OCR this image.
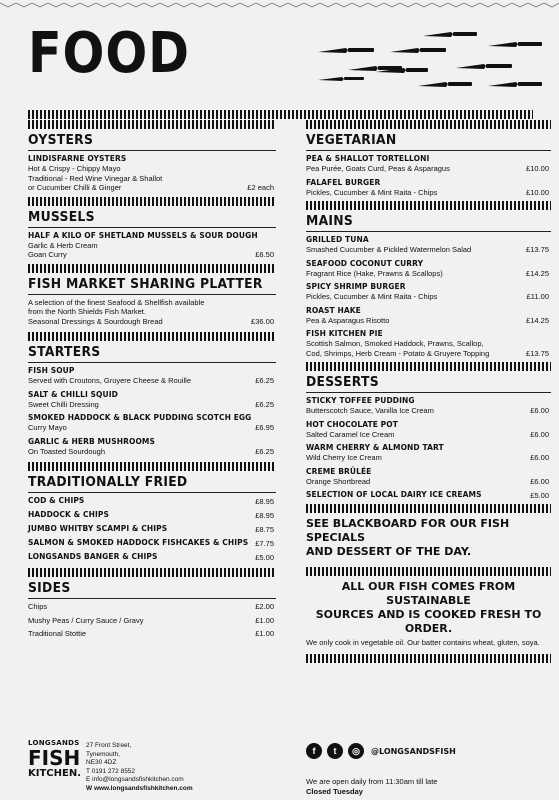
FOOD
OYSTERS
LINDISFARNE OYSTERS
Hot & Crispy - Chippy Mayo
Traditional - Red Wine Vinegar & Shallot
or Cucumber Chilli & Ginger	£2 each
MUSSELS
HALF A KILO OF SHETLAND MUSSELS & SOUR DOUGH
Garlic & Herb Cream
Goan Curry	£6.50
FISH MARKET SHARING PLATTER
A selection of the finest Seafood & Shellfish available
from the North Shields Fish Market.
Seasonal Dressings & Sourdough Bread	£36.00
STARTERS
FISH SOUP
Served with Croutons, Gruyere Cheese & Rouille	£6.25
SALT & CHILLI SQUID
Sweet Chilli Dressing	£6.25
SMOKED HADDOCK & BLACK PUDDING SCOTCH EGG
Curry Mayo	£6.95
GARLIC & HERB MUSHROOMS
On Toasted Sourdough	£6.25
TRADITIONALLY FRIED
COD & CHIPS	£8.95
HADDOCK & CHIPS	£8.95
JUMBO WHITBY SCAMPI & CHIPS	£8.75
SALMON & SMOKED HADDOCK FISHCAKES & CHIPS £7.75
LONGSANDS BANGER & CHIPS	£5.00
SIDES
Chips	£2.00
Mushy Peas / Curry Sauce / Gravy	£1.00
Traditional Stottie	£1.00
VEGETARIAN
PEA & SHALLOT TORTELLONI
Pea Purée, Goats Curd, Peas & Asparagus	£10.00
FALAFEL BURGER
Pickles, Cucumber & Mint Raita - Chips	£10.00
MAINS
GRILLED TUNA
Smashed Cucumber & Pickled Watermelon Salad	£13.75
SEAFOOD COCONUT CURRY
Fragrant Rice (Hake, Prawns & Scallops)	£14.25
SPICY SHRIMP BURGER
Pickles, Cucumber & Mint Raita - Chips	£11.00
ROAST HAKE
Pea & Asparagus Risotto	£14.25
FISH KITCHEN PIE
Scottish Salmon, Smoked Haddock, Prawns, Scallop,
Cod, Shrimps, Herb Cream - Potato & Gruyere Topping	£13.75
DESSERTS
STICKY TOFFEE PUDDING
Butterscotch Sauce, Vanilla Ice Cream	£6.00
HOT CHOCOLATE POT
Salted Caramel Ice Cream	£6.00
WARM CHERRY & ALMOND TART
Wild Cherry Ice Cream	£6.00
CREME BRÛLÉE
Orange Shortbread	£6.00
SELECTION OF LOCAL DAIRY ICE CREAMS	£5.00
SEE BLACKBOARD FOR OUR FISH SPECIALS
AND DESSERT OF THE DAY.
ALL OUR FISH COMES FROM SUSTAINABLE
SOURCES AND IS COOKED FRESH TO ORDER.
We only cook in vegetable oil. Our batter contains wheat, gluten, soya.
LONGSANDS
FISH
KITCHEN.
27 Front Street,
Tynemouth,
NE30 4DZ
T 0191 272 8552
E info@longsandsfishkitchen.com
W www.longsandsfishkitchen.com
f	t	◎	@LONGSANDSFISH
We are open daily from 11:30am till late
Closed Tuesday
